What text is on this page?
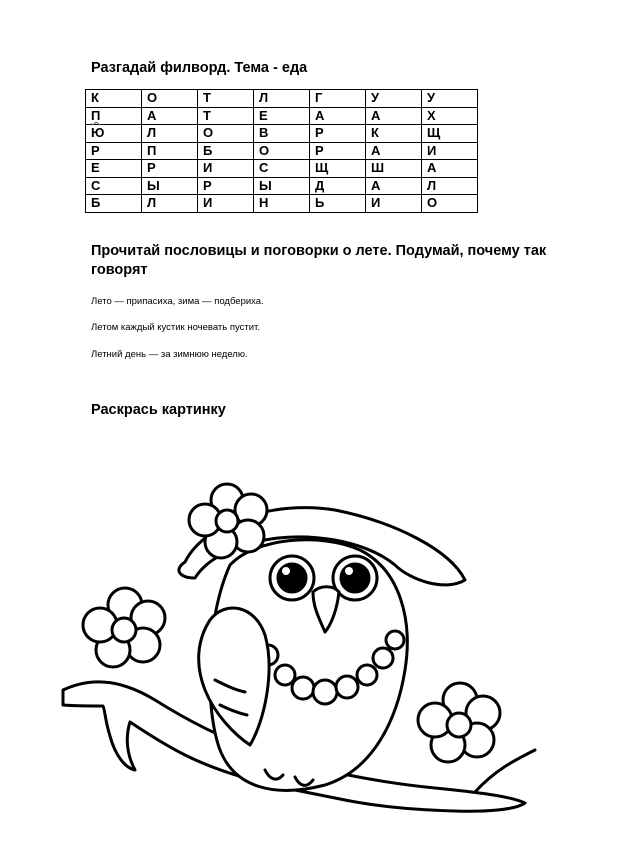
Разгадай филворд. Тема - еда
К	О	Т	Л	Г	У	У
П	А	Т	Е	А	А	Х
Ю	Л	О	В	Р	К	Щ
Р	П	Б	О	Р	А	И
Е	Р	И	С	Щ	Ш	А
С	Ы	Р	Ы	Д	А	Л
Б	Л	И	Н	Ь	И	О
Прочитай пословицы и поговорки о лете. Подумай, почему так говорят
Лето — припасиха, зима — подбериха.
Летом каждый кустик ночевать пустит.
Летний день — за зимнюю неделю.
Раскрась картинку
